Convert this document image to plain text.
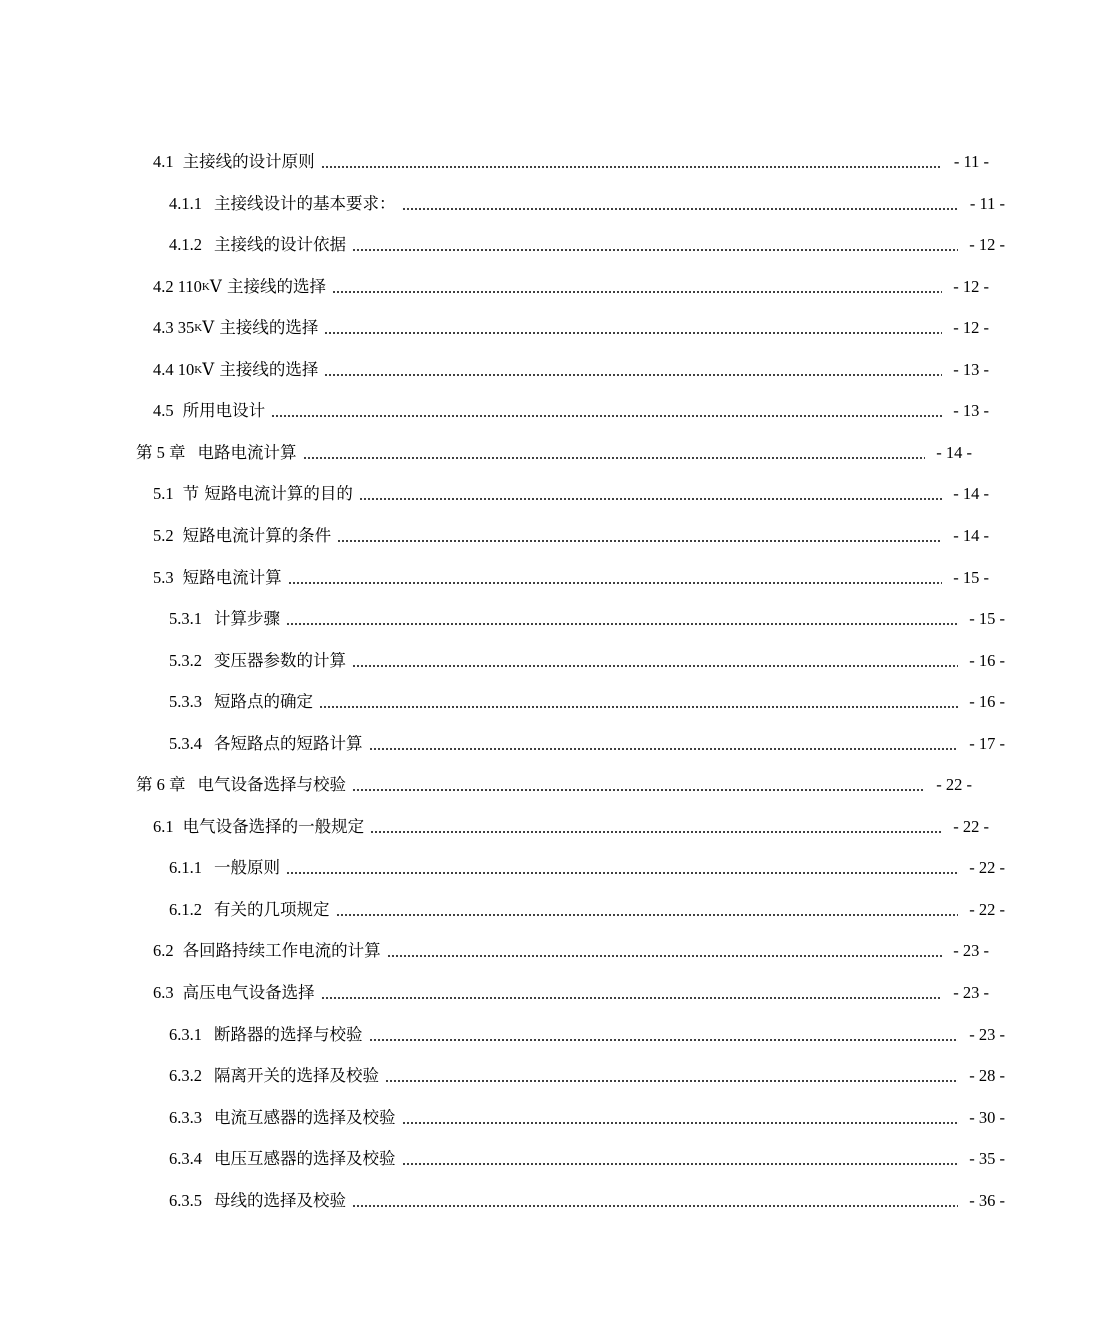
4.1 主接线的设计原则	- 11 -
4.1.1 主接线设计的基本要求：	- 11 -
4.1.2 主接线的设计依据	- 12 -
4.2 110 K V 主接线的选择	- 12 -
4.3 35 K V 主接线的选择	- 12 -
4.4 10 K V 主接线的选择	- 13 -
4.5 所用电设计	- 13 -
第 5 章 电路电流计算	- 14 -
5.1 节 短路电流计算的目的	- 14 -
5.2 短路电流计算的条件	- 14 -
5.3 短路电流计算	- 15 -
5.3.1 计算步骤	- 15 -
5.3.2 变压器参数的计算	- 16 -
5.3.3 短路点的确定	- 16 -
5.3.4 各短路点的短路计算	- 17 -
第 6 章 电气设备选择与校验	- 22 -
6.1 电气设备选择的一般规定	- 22 -
6.1.1 一般原则	- 22 -
6.1.2 有关的几项规定	- 22 -
6.2 各回路持续工作电流的计算	- 23 -
6.3 高压电气设备选择	- 23 -
6.3.1 断路器的选择与校验	- 23 -
6.3.2 隔离开关的选择及校验	- 28 -
6.3.3 电流互感器的选择及校验	- 30 -
6.3.4 电压互感器的选择及校验	- 35 -
6.3.5 母线的选择及校验	- 36 -
